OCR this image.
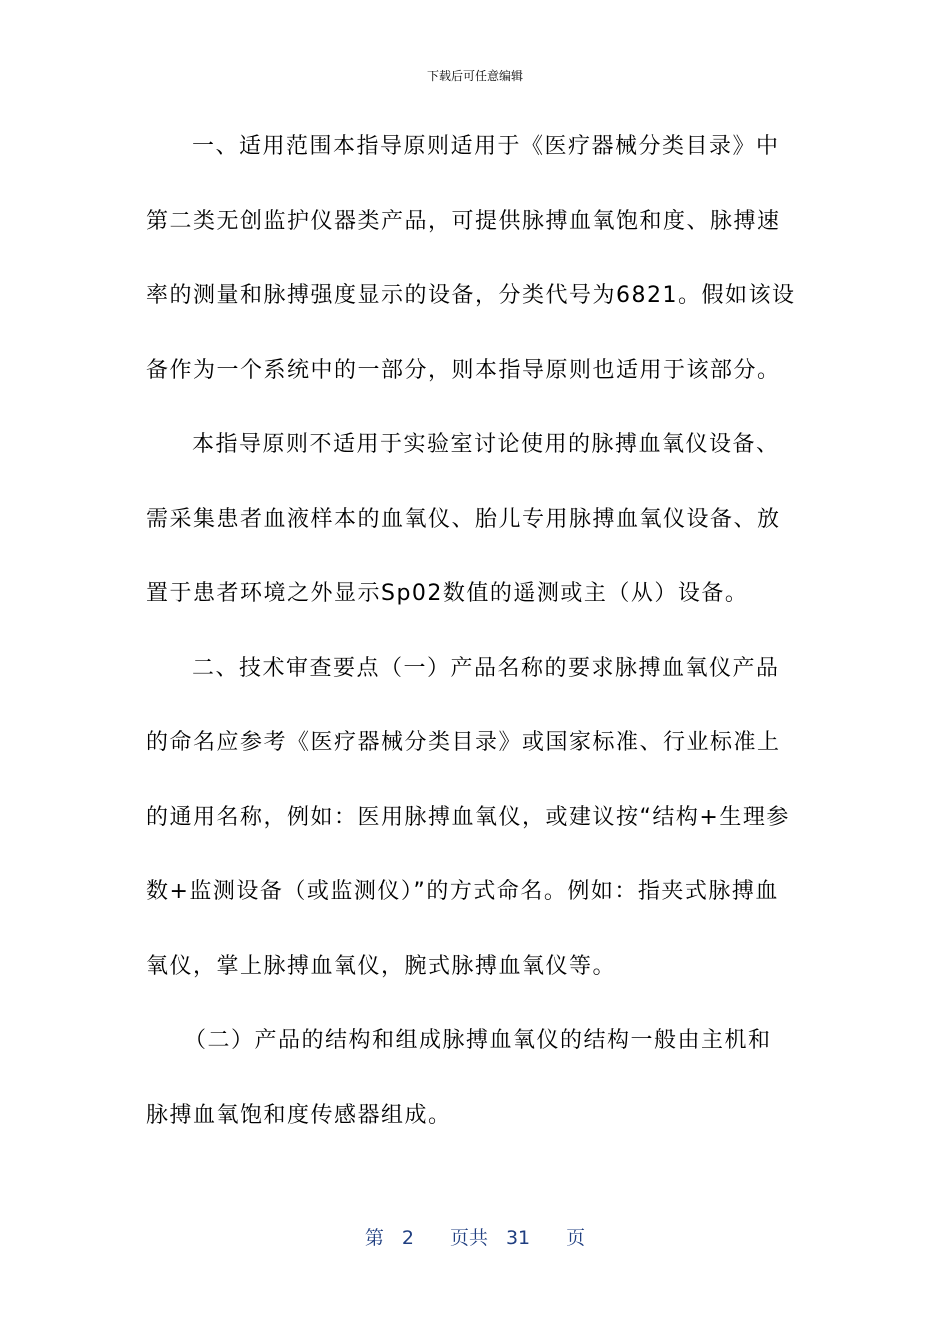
下载后可任意编辑
一、适用范围本指导原则适用于《医疗器械分类目录》中
第二类无创监护仪器类产品，可提供脉搏血氧饱和度、脉搏速
率的测量和脉搏强度显示的设备，分类代号为6821。假如该设
备作为一个系统中的一部分，则本指导原则也适用于该部分。
本指导原则不适用于实验室讨论使用的脉搏血氧仪设备、
需采集患者血液样本的血氧仪、胎儿专用脉搏血氧仪设备、放
置于患者环境之外显示Sp02数值的遥测或主（从）设备。
二、技术审查要点（一）产品名称的要求脉搏血氧仪产品
的命名应参考《医疗器械分类目录》或国家标准、行业标准上
的通用名称，例如：医用脉搏血氧仪，或建议按“结构+生理参
数+监测设备（或监测仪）”的方式命名。例如：指夹式脉搏血
氧仪，掌上脉搏血氧仪，腕式脉搏血氧仪等。
（二）产品的结构和组成脉搏血氧仪的结构一般由主机和
脉搏血氧饱和度传感器组成。
第 2 页共 31 页
